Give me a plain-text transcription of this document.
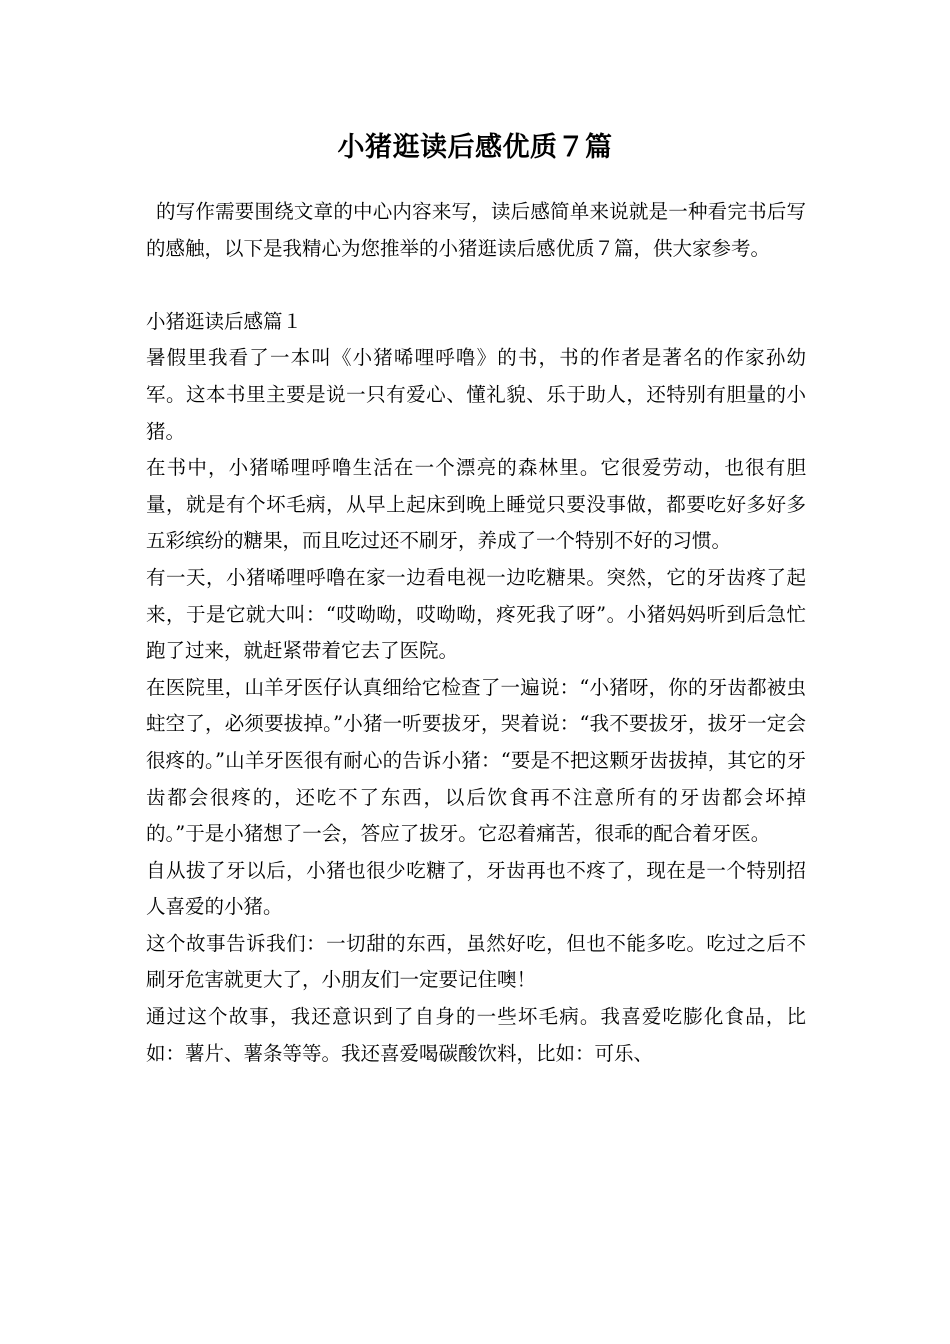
小猪逛读后感优质７篇

的写作需要围绕文章的中心内容来写，读后感简单来说就是一种看完书后写的感触，以下是我精心为您推举的小猪逛读后感优质７篇，供大家参考。

小猪逛读后感篇１

暑假里我看了一本叫《小猪唏哩呼噜》的书，书的作者是著名的作家孙幼军。这本书里主要是说一只有爱心、懂礼貌、乐于助人，还特别有胆量的小猪。

在书中，小猪唏哩呼噜生活在一个漂亮的森林里。它很爱劳动，也很有胆量，就是有个坏毛病，从早上起床到晚上睡觉只要没事做，都要吃好多好多五彩缤纷的糖果，而且吃过还不刷牙，养成了一个特别不好的习惯。

有一天，小猪唏哩呼噜在家一边看电视一边吃糖果。突然，它的牙齿疼了起来，于是它就大叫：“哎呦呦，哎呦呦，疼死我了呀”。小猪妈妈听到后急忙跑了过来，就赶紧带着它去了医院。

在医院里，山羊牙医仔认真细给它检查了一遍说：“小猪呀，你的牙齿都被虫蛀空了，必须要拔掉。”小猪一听要拔牙，哭着说：“我不要拔牙，拔牙一定会很疼的。”山羊牙医很有耐心的告诉小猪：“要是不把这颗牙齿拔掉，其它的牙齿都会很疼的，还吃不了东西，以后饮食再不注意所有的牙齿都会坏掉的。”于是小猪想了一会，答应了拔牙。它忍着痛苦，很乖的配合着牙医。

自从拔了牙以后，小猪也很少吃糖了，牙齿再也不疼了，现在是一个特别招人喜爱的小猪。

这个故事告诉我们：一切甜的东西，虽然好吃，但也不能多吃。吃过之后不刷牙危害就更大了，小朋友们一定要记住噢！

通过这个故事，我还意识到了自身的一些坏毛病。我喜爱吃膨化食品，比如：薯片、薯条等等。我还喜爱喝碳酸饮料，比如：可乐、
